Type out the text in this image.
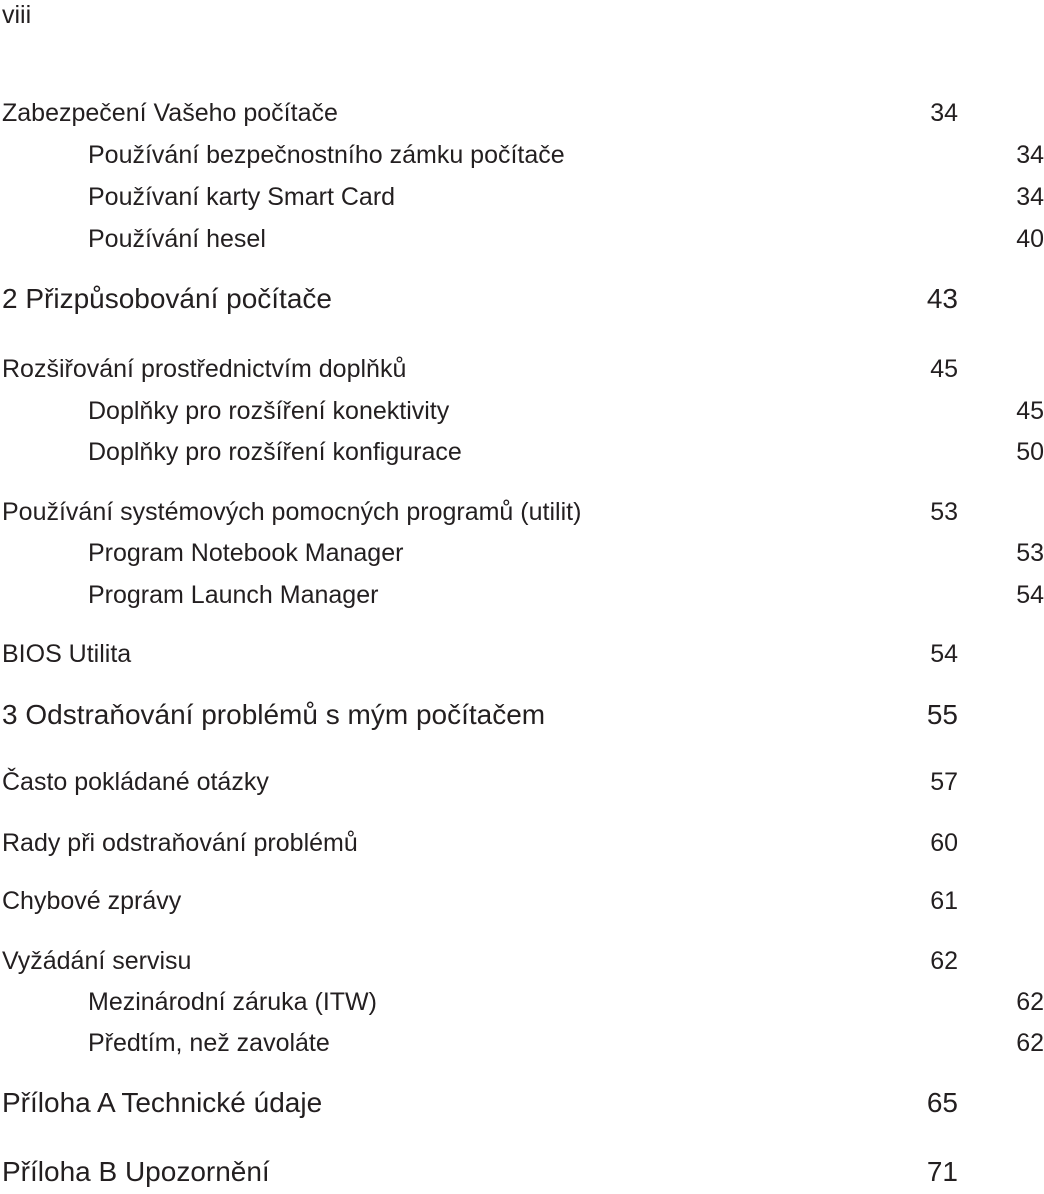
viii
Zabezpečení Vašeho počítače	34
Používání bezpečnostního zámku počítače	34
Používaní karty Smart Card	34
Používání hesel	40
2 Přizpůsobování počítače	43
Rozšiřování prostřednictvím doplňků	45
Doplňky pro rozšíření konektivity	45
Doplňky pro rozšíření konfigurace	50
Používání systémových pomocných programů (utilit)	53
Program Notebook Manager	53
Program Launch Manager	54
BIOS Utilita	54
3 Odstraňování problémů s mým počítačem	55
Často pokládané otázky	57
Rady při odstraňování problémů	60
Chybové zprávy	61
Vyžádání servisu	62
Mezinárodní záruka (ITW)	62
Předtím, než zavoláte	62
Příloha A Technické údaje	65
Příloha B Upozornění	71
